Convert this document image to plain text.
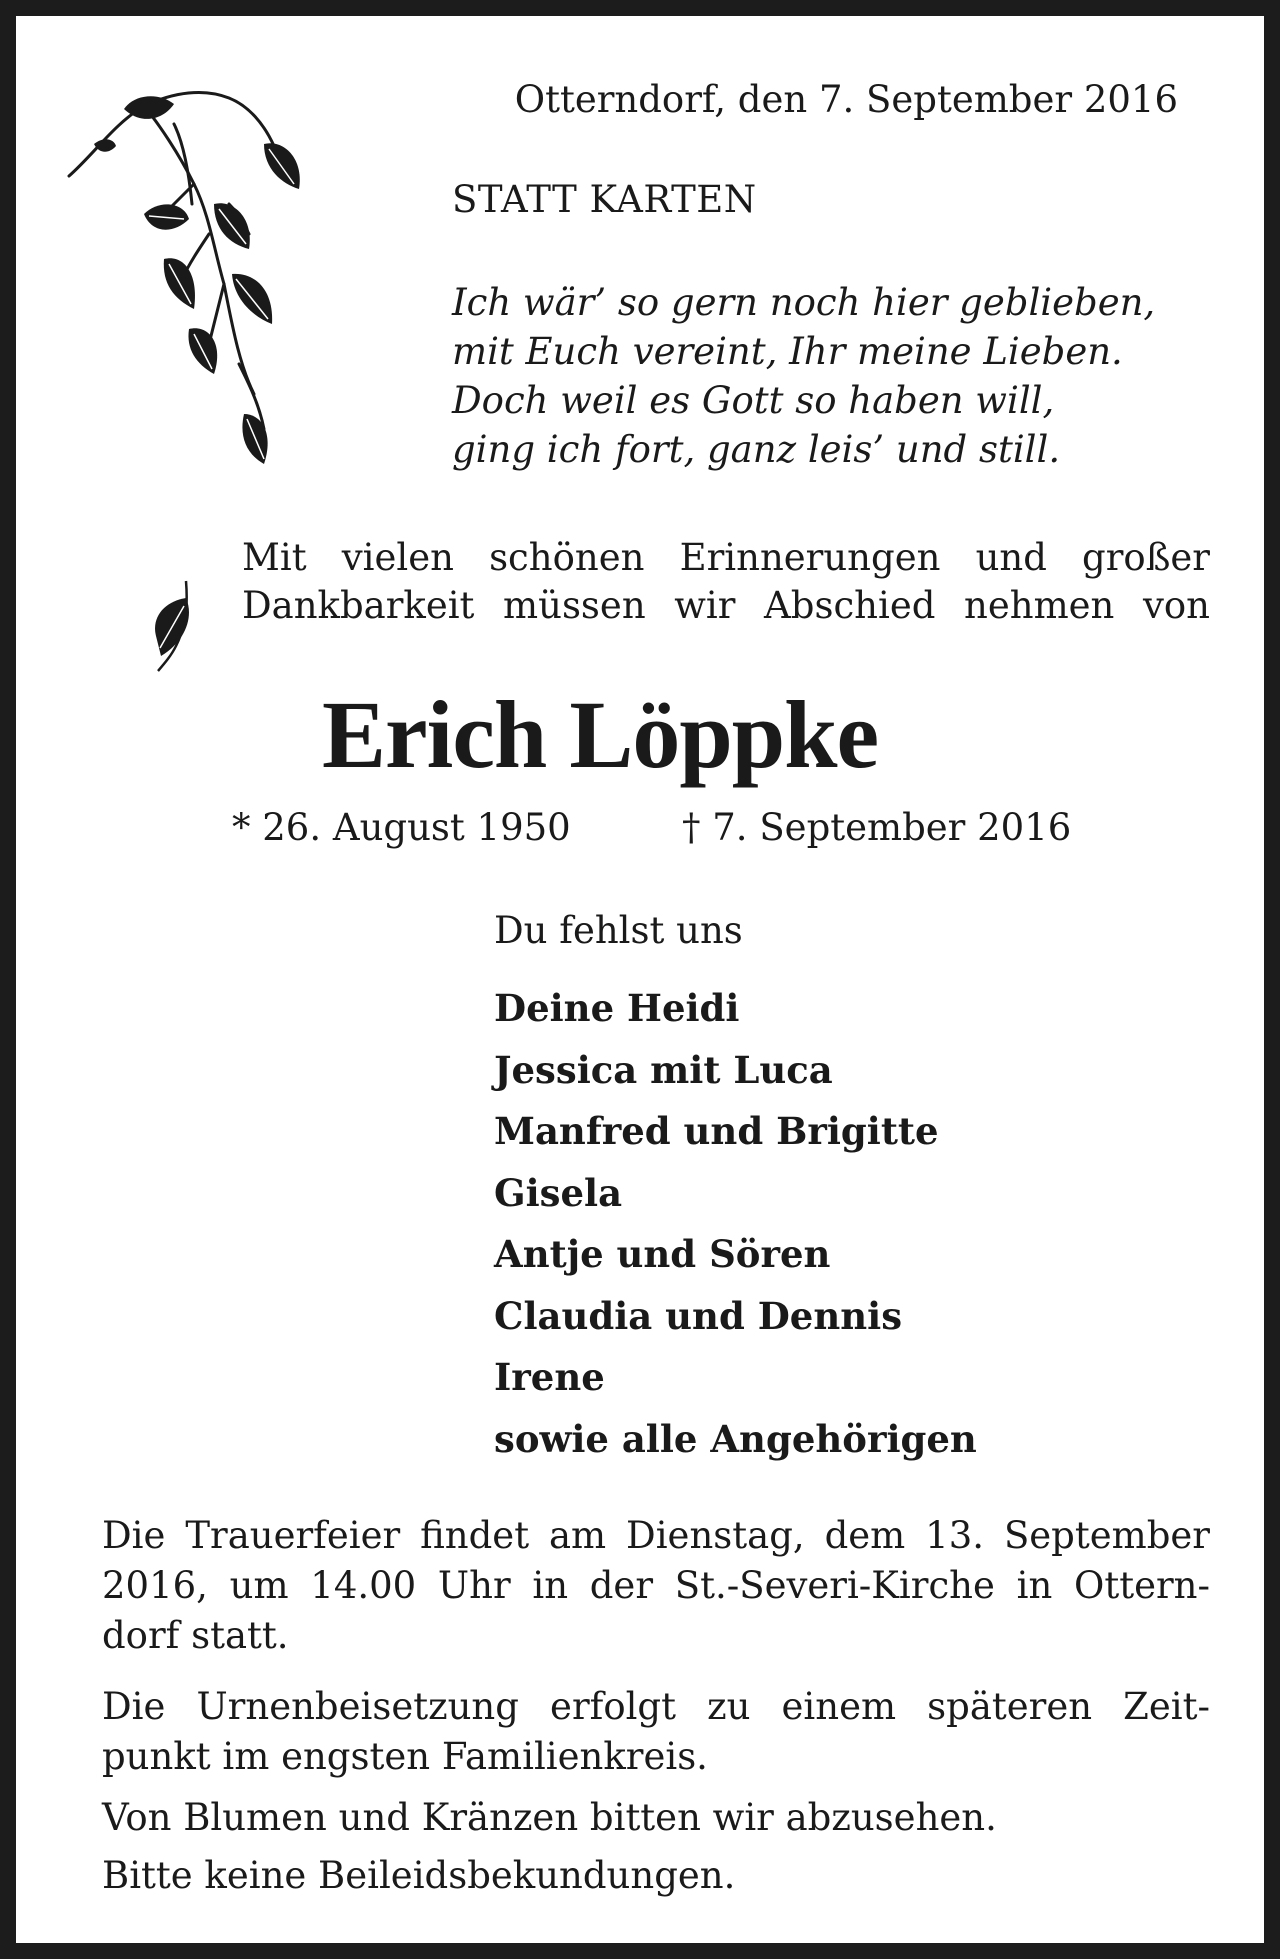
Otterndorf, den 7. September 2016
STATT KARTEN
Ich wär’ so gern noch hier geblieben,
mit Euch vereint, Ihr meine Lieben.
Doch weil es Gott so haben will,
ging ich fort, ganz leis’ und still.
Mit vielen schönen Erinnerungen und großer
Dankbarkeit müssen wir Abschied nehmen von
Erich Löppke
* 26. August 1950	† 7. September 2016
Du fehlst uns
Deine Heidi
Jessica mit Luca
Manfred und Brigitte
Gisela
Antje und Sören
Claudia und Dennis
Irene
sowie alle Angehörigen
Die Trauerfeier findet am Dienstag, dem 13. September
2016, um 14.00 Uhr in der St.-Severi-Kirche in Ottern-
dorf statt.
Die Urnenbeisetzung erfolgt zu einem späteren Zeit-
punkt im engsten Familienkreis.
Von Blumen und Kränzen bitten wir abzusehen.
Bitte keine Beileidsbekundungen.
